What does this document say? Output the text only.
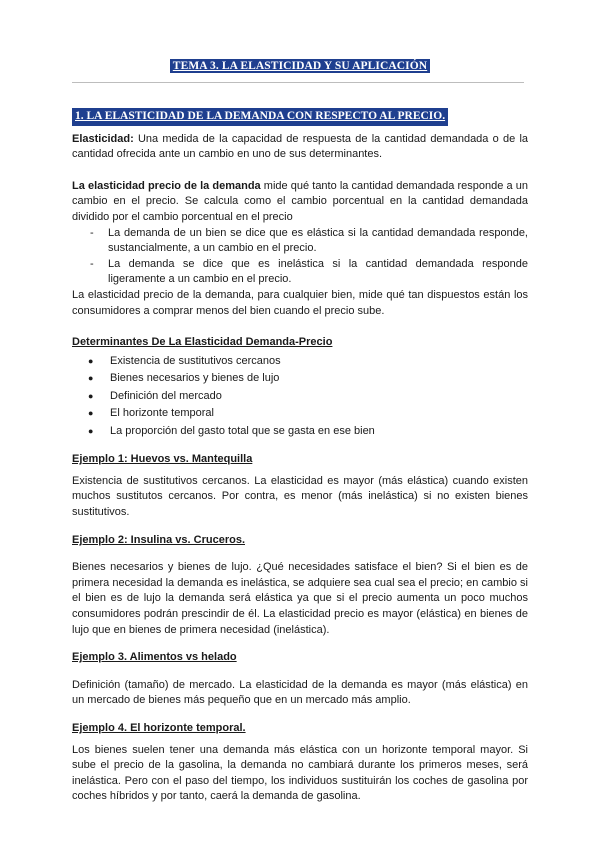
TEMA 3. LA ELASTICIDAD Y SU APLICACIÓN
1. LA ELASTICIDAD DE LA DEMANDA CON RESPECTO AL PRECIO.

Elasticidad: Una medida de la capacidad de respuesta de la cantidad demandada o de la cantidad ofrecida ante un cambio en uno de sus determinantes.

La elasticidad precio de la demanda mide qué tanto la cantidad demandada responde a un cambio en el precio. Se calcula como el cambio porcentual en la cantidad demandada dividido por el cambio porcentual en el precio

- La demanda de un bien se dice que es elástica si la cantidad demandada responde, sustancialmente, a un cambio en el precio.
- La demanda se dice que es inelástica si la cantidad demandada responde ligeramente a un cambio en el precio.

La elasticidad precio de la demanda, para cualquier bien, mide qué tan dispuestos están los consumidores a comprar menos del bien cuando el precio sube.

Determinantes De La Elasticidad Demanda-Precio
● Existencia de sustitutivos cercanos
● Bienes necesarios y bienes de lujo
● Definición del mercado
● El horizonte temporal
● La proporción del gasto total que se gasta en ese bien
Ejemplo 1: Huevos vs. Mantequilla

Existencia de sustitutivos cercanos. La elasticidad es mayor (más elástica) cuando existen muchos sustitutos cercanos. Por contra, es menor (más inelástica) si no existen bienes sustitutivos.

Ejemplo 2: Insulina vs. Cruceros.

Bienes necesarios y bienes de lujo. ¿Qué necesidades satisface el bien? Si el bien es de primera necesidad la demanda es inelástica, se adquiere sea cual sea el precio; en cambio si el bien es de lujo la demanda será elástica ya que si el precio aumenta un poco muchos consumidores podrán prescindir de él. La elasticidad precio es mayor (elástica) en bienes de lujo que en bienes de primera necesidad (inelástica).

Ejemplo 3. Alimentos vs helado

Definición (tamaño) de mercado. La elasticidad de la demanda es mayor (más elástica) en un mercado de bienes más pequeño que en un mercado más amplio.

Ejemplo 4. El horizonte temporal.

Los bienes suelen tener una demanda más elástica con un horizonte temporal mayor. Si sube el precio de la gasolina, la demanda no cambiará durante los primeros meses, será inelástica. Pero con el paso del tiempo, los individuos sustituirán los coches de gasolina por coches híbridos y por tanto, caerá la demanda de gasolina.
